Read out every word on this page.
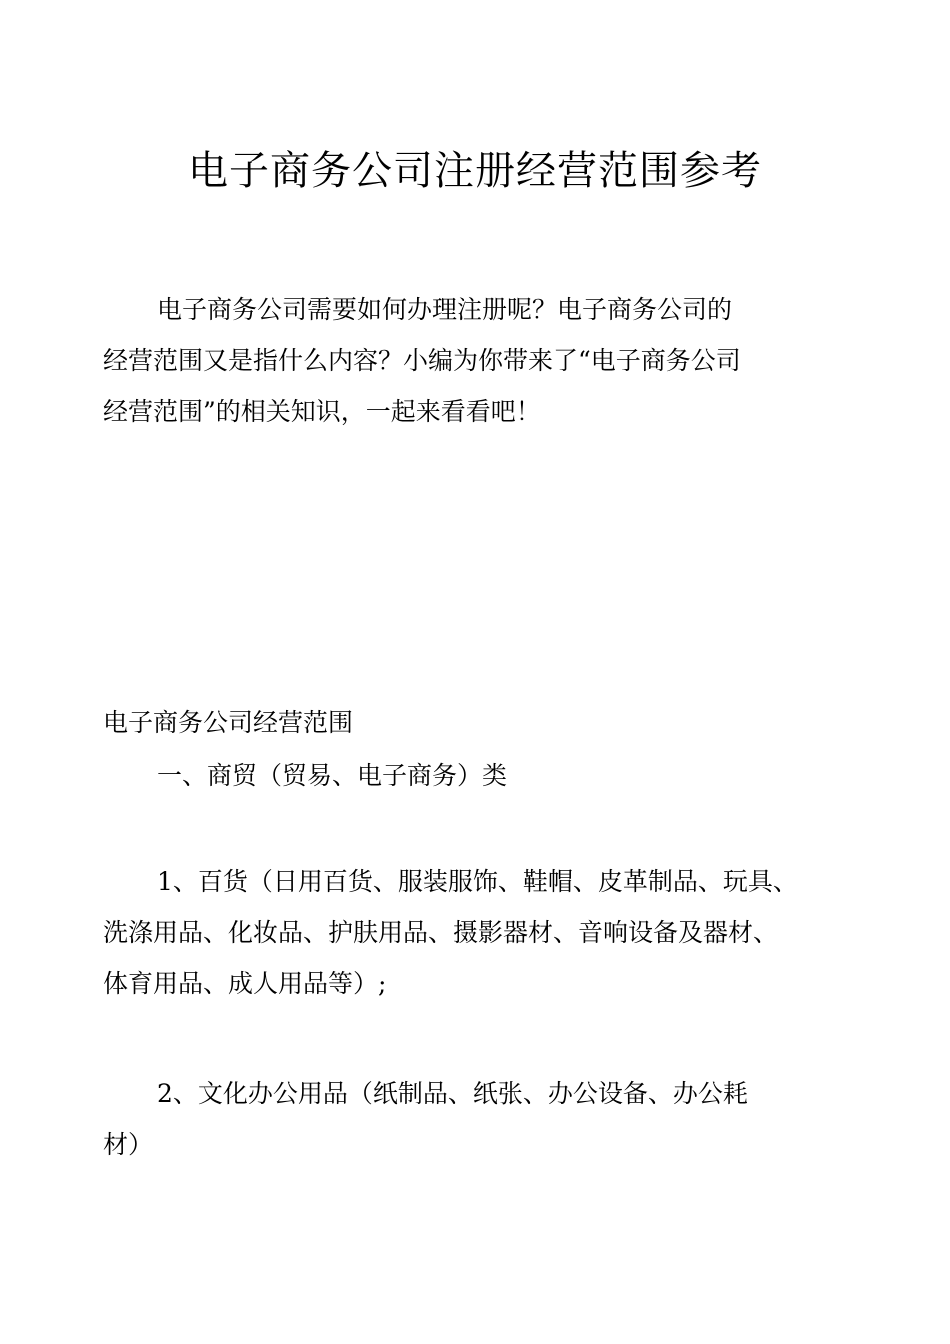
电子商务公司注册经营范围参考

电子商务公司需要如何办理注册呢？电子商务公司的
经营范围又是指什么内容？小编为你带来了“电子商务公司
经营范围”的相关知识，一起来看看吧！

电子商务公司经营范围

一、商贸（贸易、电子商务）类

1、百货（日用百货、服装服饰、鞋帽、皮革制品、玩具、
洗涤用品、化妆品、护肤用品、摄影器材、音响设备及器材、
体育用品、成人用品等）;

2、文化办公用品（纸制品、纸张、办公设备、办公耗
材）
